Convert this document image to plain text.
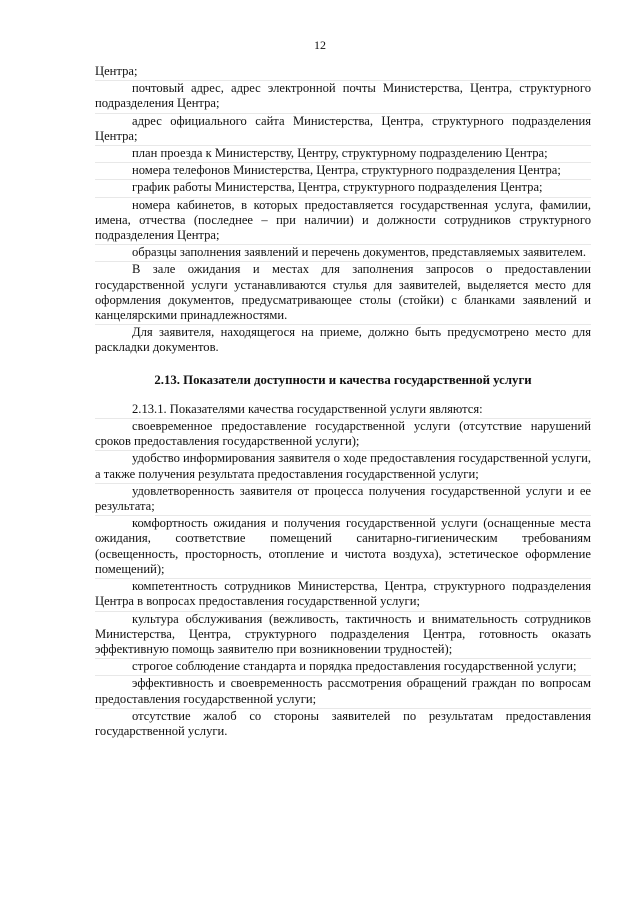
12

Центра;

почтовый адрес, адрес электронной почты Министерства, Центра, структурного подразделения Центра;

адрес официального сайта Министерства, Центра, структурного подразделения Центра;

план проезда к Министерству, Центру, структурному подразделению Центра;

номера телефонов Министерства, Центра, структурного подразделения Центра;

график работы Министерства, Центра, структурного подразделения Центра;

номера кабинетов, в которых предоставляется государственная услуга, фамилии, имена, отчества (последнее – при наличии) и должности сотрудников структурного подразделения Центра;

образцы заполнения заявлений и перечень документов, представляемых заявителем.

В зале ожидания и местах для заполнения запросов о предоставлении государственной услуги устанавливаются стулья для заявителей, выделяется место для оформления документов, предусматривающее столы (стойки) с бланками заявлений и канцелярскими принадлежностями.

Для заявителя, находящегося на приеме, должно быть предусмотрено место для раскладки документов.

2.13. Показатели доступности и качества государственной услуги

2.13.1. Показателями качества государственной услуги являются:

своевременное предоставление государственной услуги (отсутствие нарушений сроков предоставления государственной услуги);

удобство информирования заявителя о ходе предоставления государственной услуги, а также получения результата предоставления государственной услуги;

удовлетворенность заявителя от процесса получения государственной услуги и ее результата;

комфортность ожидания и получения государственной услуги (оснащенные места ожидания, соответствие помещений санитарно-гигиеническим требованиям (освещенность, просторность, отопление и чистота воздуха), эстетическое оформление помещений);

компетентность сотрудников Министерства, Центра, структурного подразделения Центра в вопросах предоставления государственной услуги;

культура обслуживания (вежливость, тактичность и внимательность сотрудников Министерства, Центра, структурного подразделения Центра, готовность оказать эффективную помощь заявителю при возникновении трудностей);

строгое соблюдение стандарта и порядка предоставления государственной услуги;

эффективность и своевременность рассмотрения обращений граждан по вопросам предоставления государственной услуги;

отсутствие жалоб со стороны заявителей по результатам предоставления государственной услуги.
